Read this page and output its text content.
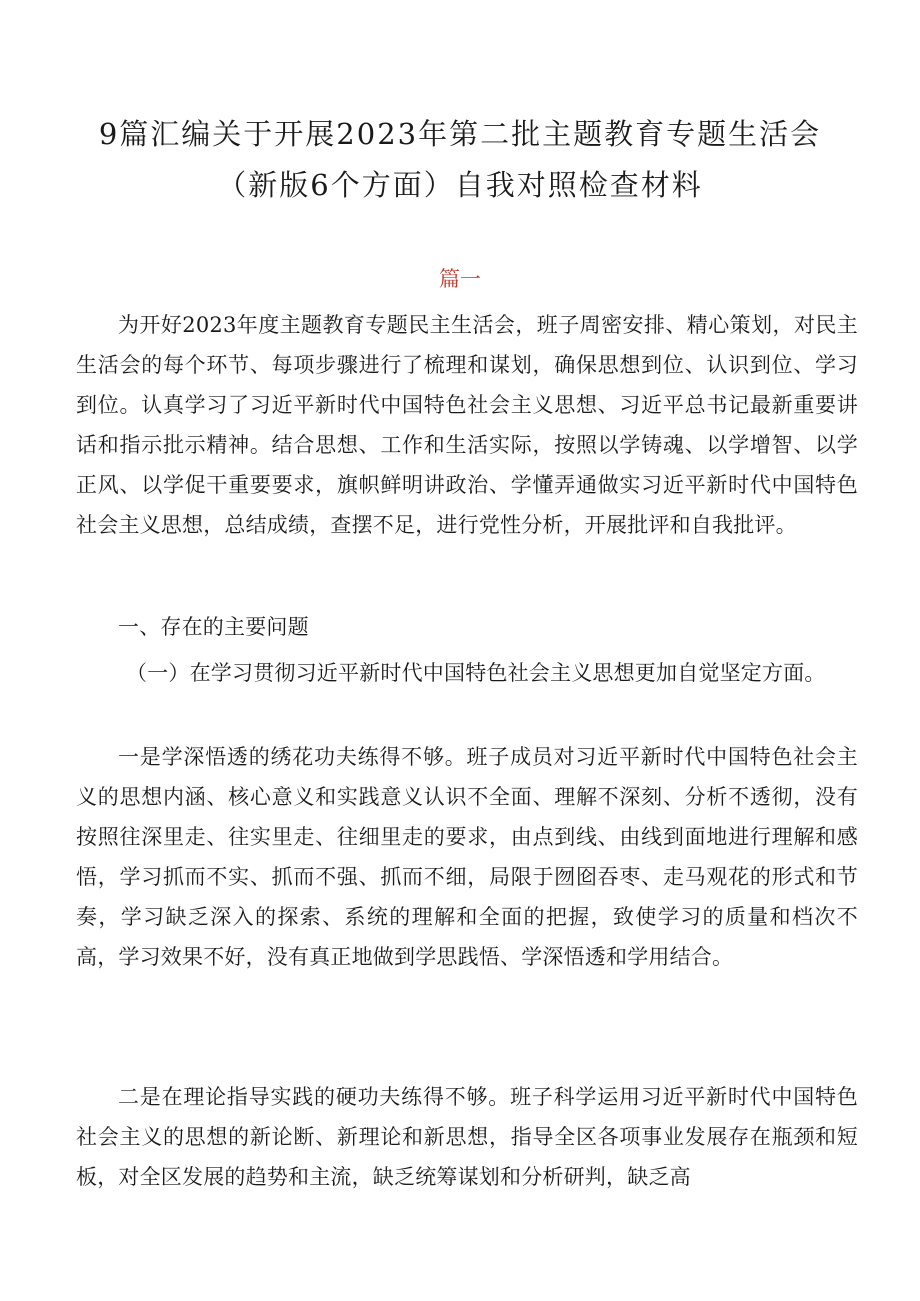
9篇汇编关于开展2023年第二批主题教育专题生活会
（新版6个方面）自我对照检查材料

篇一

为开好2023年度主题教育专题民主生活会，班子周密安排、精心策划，对民主生活会的每个环节、每项步骤进行了梳理和谋划，确保思想到位、认识到位、学习到位。认真学习了习近平新时代中国特色社会主义思想、习近平总书记最新重要讲话和指示批示精神。结合思想、工作和生活实际，按照以学铸魂、以学增智、以学正风、以学促干重要要求，旗帜鲜明讲政治、学懂弄通做实习近平新时代中国特色社会主义思想，总结成绩，查摆不足，进行党性分析，开展批评和自我批评。

一、存在的主要问题

（一）在学习贯彻习近平新时代中国特色社会主义思想更加自觉坚定方面。

一是学深悟透的绣花功夫练得不够。班子成员对习近平新时代中国特色社会主义的思想内涵、核心意义和实践意义认识不全面、理解不深刻、分析不透彻，没有按照往深里走、往实里走、往细里走的要求，由点到线、由线到面地进行理解和感悟，学习抓而不实、抓而不强、抓而不细，局限于囫囵吞枣、走马观花的形式和节奏，学习缺乏深入的探索、系统的理解和全面的把握，致使学习的质量和档次不高，学习效果不好，没有真正地做到学思践悟、学深悟透和学用结合。

二是在理论指导实践的硬功夫练得不够。班子科学运用习近平新时代中国特色社会主义的思想的新论断、新理论和新思想，指导全区各项事业发展存在瓶颈和短板，对全区发展的趋势和主流，缺乏统筹谋划和分析研判，缺乏高
